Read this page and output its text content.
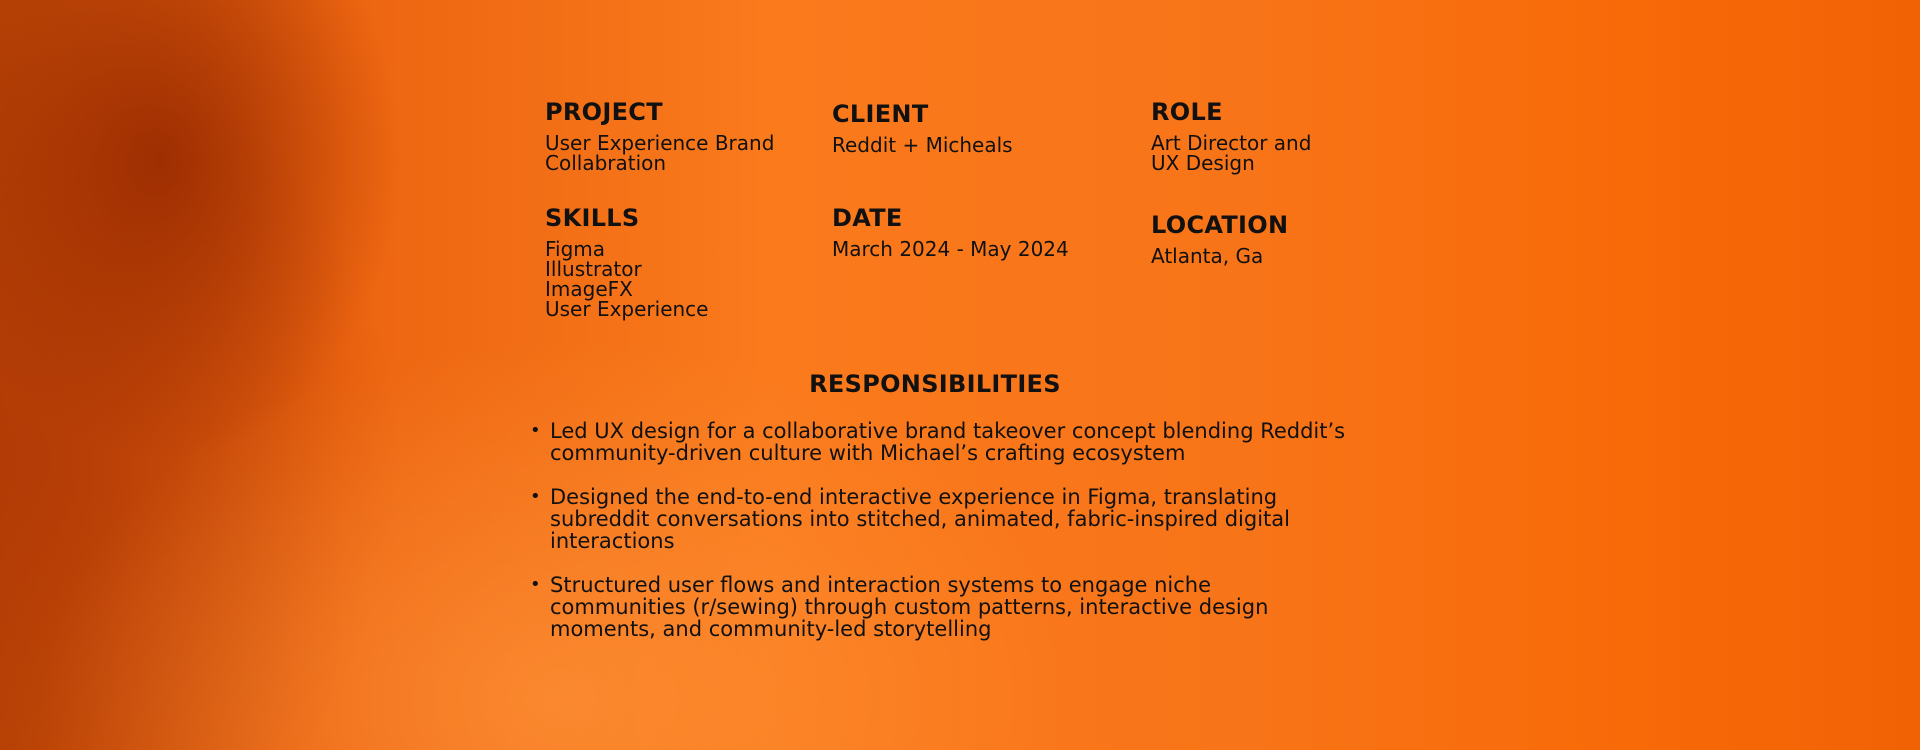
PROJECT
User Experience Brand
Collabration
CLIENT
Reddit + Micheals
ROLE
Art Director and
UX Design
SKILLS
Figma
Illustrator
ImageFX
User Experience
DATE
March 2024 - May 2024
LOCATION
Atlanta, Ga
RESPONSIBILITIES
• Led UX design for a collaborative brand takeover concept blending Reddit’s community-driven culture with Michael’s crafting ecosystem
• Designed the end-to-end interactive experience in Figma, translating subreddit conversations into stitched, animated, fabric-inspired digital interactions
• Structured user flows and interaction systems to engage niche communities (r/sewing) through custom patterns, interactive design moments, and community-led storytelling
